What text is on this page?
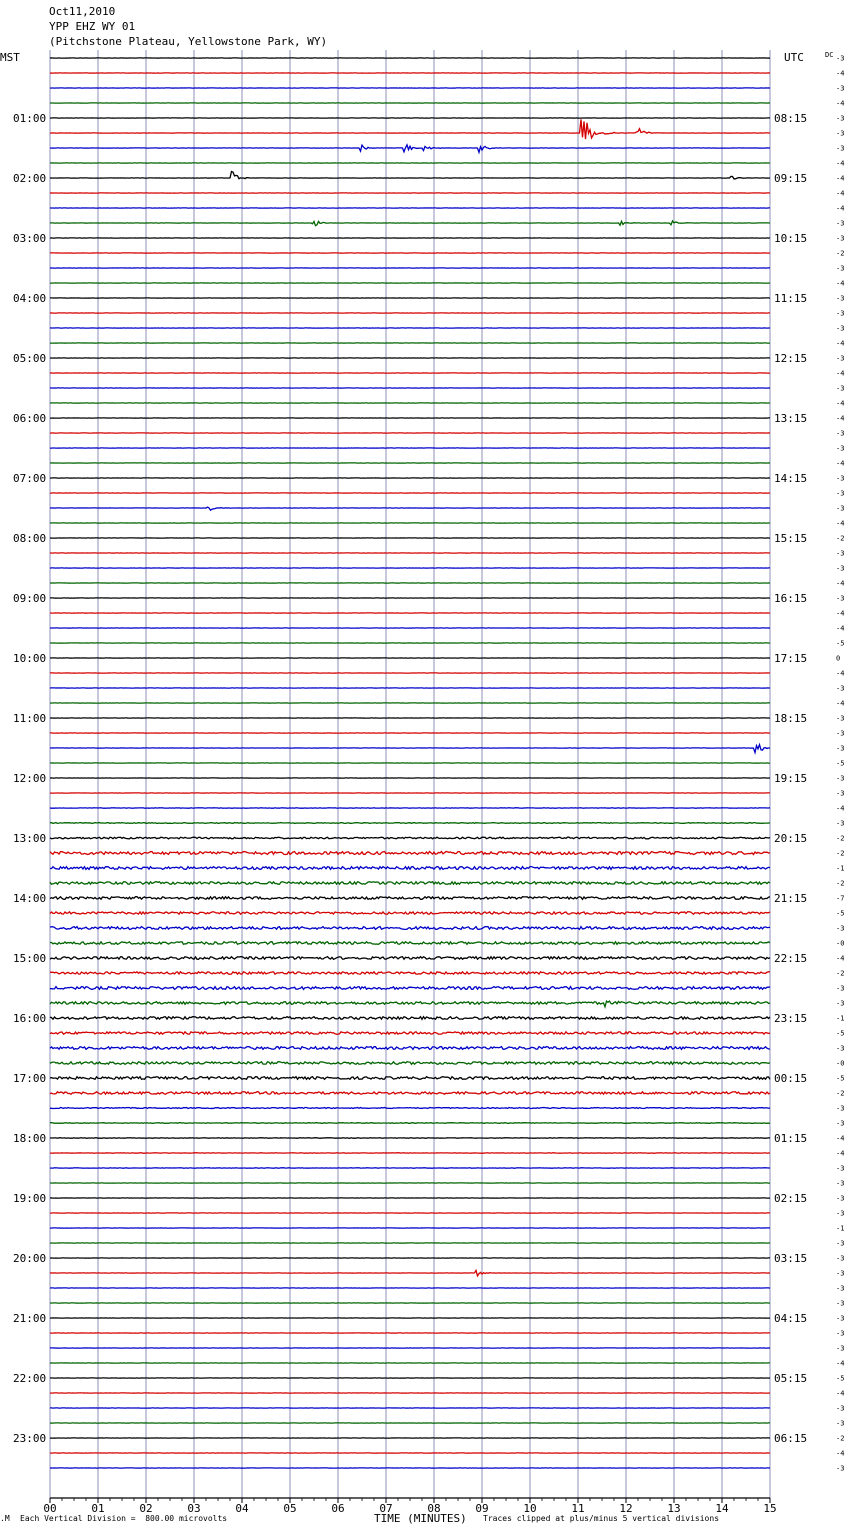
Oct11,2010
YPP EHZ WY 01
(Pitchstone Plateau, Yellowstone Park, WY)
MST	UTC	DC
TIME (MINUTES)
00	01	02	03	04	05	06	07	08	09	10	11	12	13	14	15
-3
-4
-3
-4
-3
-3
-3
-4
-4
-4
-4
-3
-3
-2
-3
-4
-3
-3
-3
-4
-3
-4
-3
-4
-4
-3
-3
-4
-3
-3
-3
-4
-2
-3
-3
-4
-3
-4
-4
-5
0
-4
-3
-4
-3
-3
-3
-5
-3
-3
-4
-3
-2
-2
-1
-2
-7
-5
-3
-0
-4
-2
-3
-3
-1
-5
-3
-0
-5
-2
-3
-3
-4
-4
-3
-3
-3
-3
-1
-3
-3
-3
-3
-3
-3
-3
-3
-4
-5
-4
-3
-3
-2
-4
-3
01:00	08:15
02:00	09:15
03:00	10:15
04:00	11:15
05:00	12:15
06:00	13:15
07:00	14:15
08:00	15:15
09:00	16:15
10:00	17:15
11:00	18:15
12:00	19:15
13:00	20:15
14:00	21:15
15:00	22:15
16:00	23:15
17:00	00:15
18:00	01:15
19:00	02:15
20:00	03:15
21:00	04:15
22:00	05:15
23:00	06:15
.M Each Vertical Division =  800.00 microvolts	Traces clipped at plus/minus 5 vertical divisions
